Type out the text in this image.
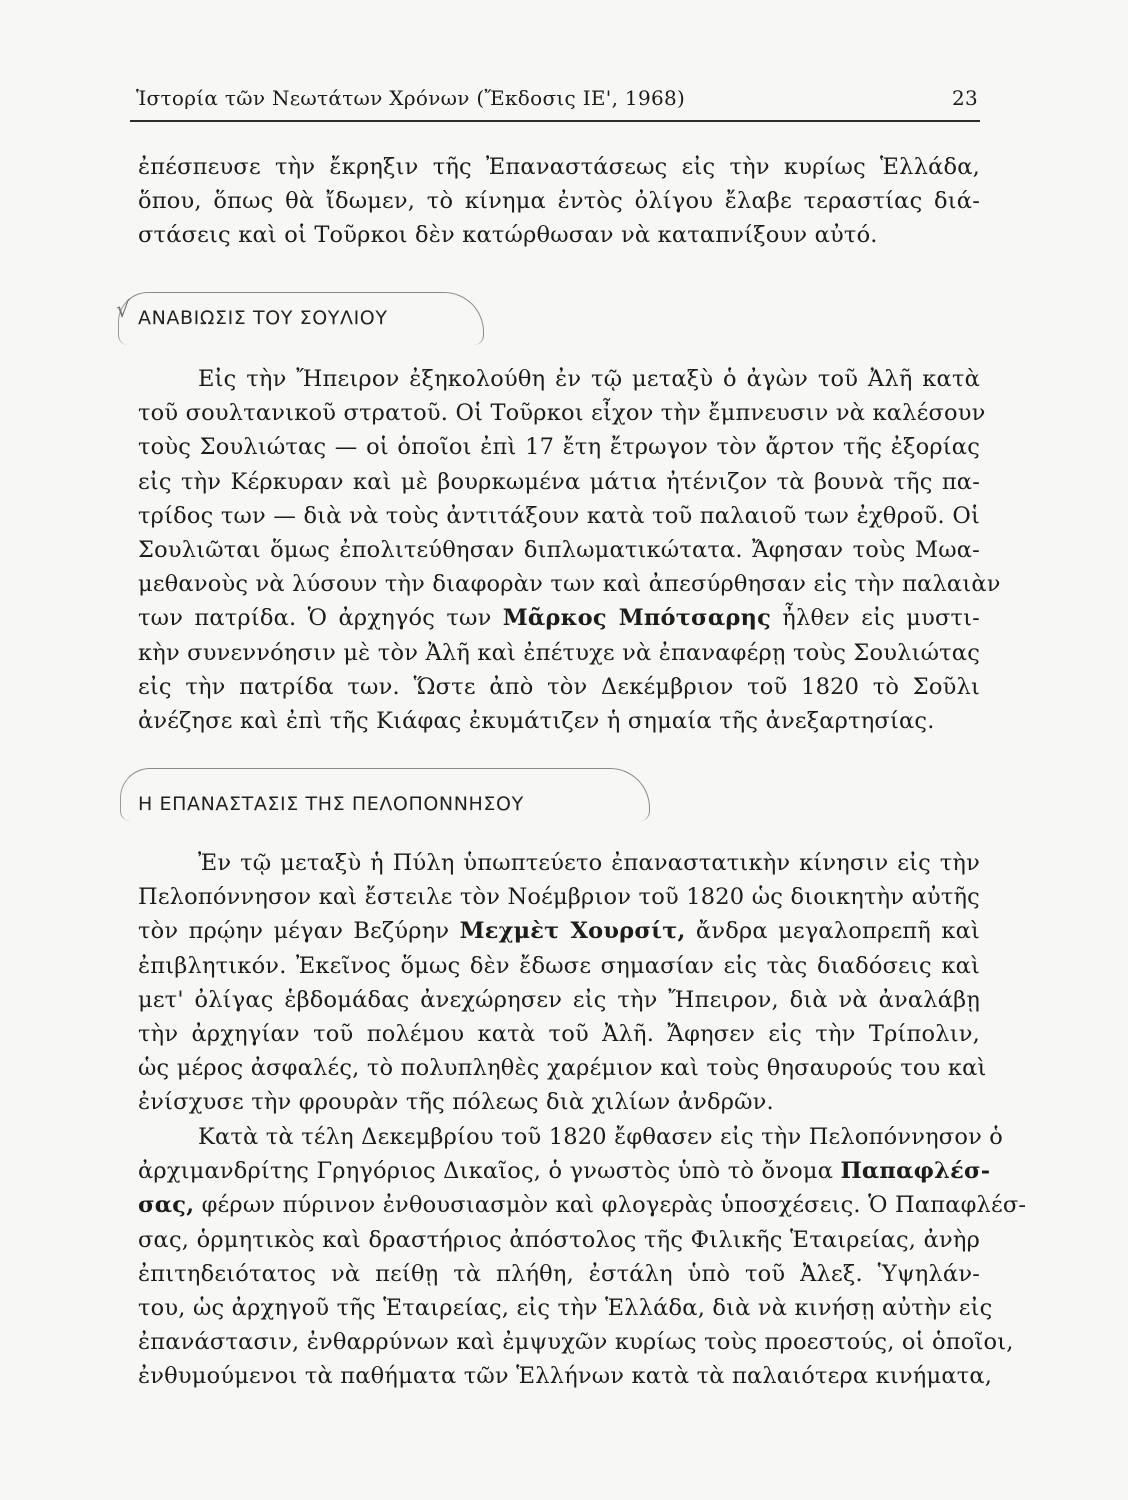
Ἱστορία τῶν Νεωτάτων Χρόνων (Ἔκδοσις ΙΕ', 1968)	23
ἐπέσπευσε τὴν ἔκρηξιν τῆς Ἐπαναστάσεως εἰς τὴν κυρίως Ἑλλάδα,
ὅπου, ὅπως θὰ ἴδωμεν, τὸ κίνημα ἐντὸς ὀλίγου ἔλαβε τεραστίας διά-
στάσεις καὶ οἱ Τοῦρκοι δὲν κατώρθωσαν νὰ καταπνίξουν αὐτό.
√ ΑΝΑΒΙΩΣΙΣ ΤΟΥ ΣΟΥΛΙΟΥ
Εἰς τὴν Ἤπειρον ἐξηκολούθη ἐν τῷ μεταξὺ ὁ ἀγὼν τοῦ Ἀλῆ κατὰ
τοῦ σουλτανικοῦ στρατοῦ. Οἱ Τοῦρκοι εἶχον τὴν ἔμπνευσιν νὰ καλέσουν
τοὺς Σουλιώτας — οἱ ὁποῖοι ἐπὶ 17 ἔτη ἔτρωγον τὸν ἄρτον τῆς ἐξορίας
εἰς τὴν Κέρκυραν καὶ μὲ βουρκωμένα μάτια ἠτένιζον τὰ βουνὰ τῆς πα-
τρίδος των — διὰ νὰ τοὺς ἀντιτάξουν κατὰ τοῦ παλαιοῦ των ἐχθροῦ. Οἱ
Σουλιῶται ὅμως ἐπολιτεύθησαν διπλωματικώτατα. Ἄφησαν τοὺς Μωα-
μεθανοὺς νὰ λύσουν τὴν διαφορὰν των καὶ ἀπεσύρθησαν εἰς τὴν παλαιὰν
των πατρίδα. Ὁ ἀρχηγός των Μᾶρκος Μπότσαρης ἦλθεν εἰς μυστι-
κὴν συνεννόησιν μὲ τὸν Ἀλῆ καὶ ἐπέτυχε νὰ ἐπαναφέρῃ τοὺς Σουλιώτας
εἰς τὴν πατρίδα των. Ὥστε ἀπὸ τὸν Δεκέμβριον τοῦ 1820 τὸ Σοῦλι
ἀνέζησε καὶ ἐπὶ τῆς Κιάφας ἐκυμάτιζεν ἡ σημαία τῆς ἀνεξαρτησίας.
Η ΕΠΑΝΑΣΤΑΣΙΣ ΤΗΣ ΠΕΛΟΠΟΝΝΗΣΟΥ
Ἐν τῷ μεταξὺ ἡ Πύλη ὑπωπτεύετο ἐπαναστατικὴν κίνησιν εἰς τὴν
Πελοπόννησον καὶ ἔστειλε τὸν Νοέμβριον τοῦ 1820 ὡς διοικητὴν αὐτῆς
τὸν πρῴην μέγαν Βεζύρην Μεχμὲτ Χουρσίτ, ἄνδρα μεγαλοπρεπῆ καὶ
ἐπιβλητικόν. Ἐκεῖνος ὅμως δὲν ἔδωσε σημασίαν εἰς τὰς διαδόσεις καὶ
μετ' ὀλίγας ἑβδομάδας ἀνεχώρησεν εἰς τὴν Ἤπειρον, διὰ νὰ ἀναλάβῃ
τὴν ἀρχηγίαν τοῦ πολέμου κατὰ τοῦ Ἀλῆ. Ἄφησεν εἰς τὴν Τρίπολιν,
ὡς μέρος ἀσφαλές, τὸ πολυπληθὲς χαρέμιον καὶ τοὺς θησαυρούς του καὶ
ἐνίσχυσε τὴν φρουρὰν τῆς πόλεως διὰ χιλίων ἀνδρῶν.
Κατὰ τὰ τέλη Δεκεμβρίου τοῦ 1820 ἔφθασεν εἰς τὴν Πελοπόννησον ὁ
ἀρχιμανδρίτης Γρηγόριος Δικαῖος, ὁ γνωστὸς ὑπὸ τὸ ὄνομα Παπαφλέσ-
σας, φέρων πύρινον ἐνθουσιασμὸν καὶ φλογερὰς ὑποσχέσεις. Ὁ Παπαφλέσ-
σας, ὁρμητικὸς καὶ δραστήριος ἀπόστολος τῆς Φιλικῆς Ἑταιρείας, ἀνὴρ
ἐπιτηδειότατος νὰ πείθῃ τὰ πλήθη, ἐστάλη ὑπὸ τοῦ Ἀλεξ. Ὑψηλάν-
του, ὡς ἀρχηγοῦ τῆς Ἑταιρείας, εἰς τὴν Ἑλλάδα, διὰ νὰ κινήσῃ αὐτὴν εἰς
ἐπανάστασιν, ἐνθαρρύνων καὶ ἐμψυχῶν κυρίως τοὺς προεστούς, οἱ ὁποῖοι,
ἐνθυμούμενοι τὰ παθήματα τῶν Ἑλλήνων κατὰ τὰ παλαιότερα κινήματα,
